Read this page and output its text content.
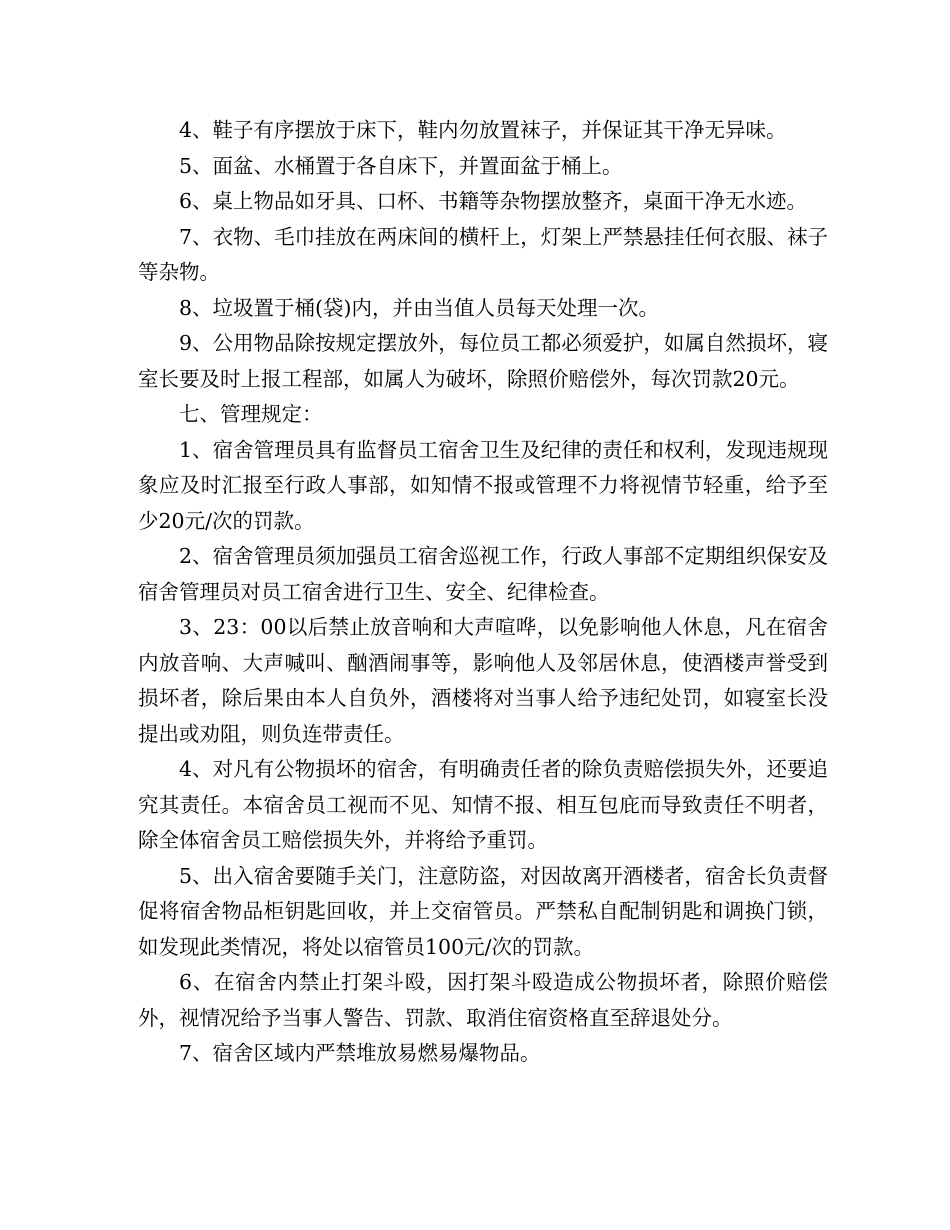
4、鞋子有序摆放于床下，鞋内勿放置袜子，并保证其干净无异味。

5、面盆、水桶置于各自床下，并置面盆于桶上。

6、桌上物品如牙具、口杯、书籍等杂物摆放整齐，桌面干净无水迹。

7、衣物、毛巾挂放在两床间的横杆上，灯架上严禁悬挂任何衣服、袜子等杂物。

8、垃圾置于桶(袋)内，并由当值人员每天处理一次。

9、公用物品除按规定摆放外，每位员工都必须爱护，如属自然损坏，寝室长要及时上报工程部，如属人为破坏，除照价赔偿外，每次罚款20元。

七、管理规定：

1、宿舍管理员具有监督员工宿舍卫生及纪律的责任和权利，发现违规现象应及时汇报至行政人事部，如知情不报或管理不力将视情节轻重，给予至少20元/次的罚款。

2、宿舍管理员须加强员工宿舍巡视工作，行政人事部不定期组织保安及宿舍管理员对员工宿舍进行卫生、安全、纪律检查。

3、23：00以后禁止放音响和大声喧哗，以免影响他人休息，凡在宿舍内放音响、大声喊叫、酗酒闹事等，影响他人及邻居休息，使酒楼声誉受到损坏者，除后果由本人自负外，酒楼将对当事人给予违纪处罚，如寝室长没提出或劝阻，则负连带责任。

4、对凡有公物损坏的宿舍，有明确责任者的除负责赔偿损失外，还要追究其责任。本宿舍员工视而不见、知情不报、相互包庇而导致责任不明者，除全体宿舍员工赔偿损失外，并将给予重罚。

5、出入宿舍要随手关门，注意防盗，对因故离开酒楼者，宿舍长负责督促将宿舍物品柜钥匙回收，并上交宿管员。严禁私自配制钥匙和调换门锁，如发现此类情况，将处以宿管员100元/次的罚款。

6、在宿舍内禁止打架斗殴，因打架斗殴造成公物损坏者，除照价赔偿外，视情况给予当事人警告、罚款、取消住宿资格直至辞退处分。

7、宿舍区域内严禁堆放易燃易爆物品。
